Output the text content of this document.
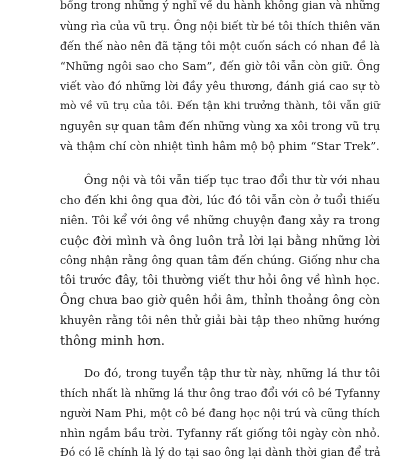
bống trong những ý nghĩ về du hành không gian và những

vùng rìa của vũ trụ. Ông nội biết từ bé tôi thích thiên văn

đến thế nào nên đã tặng tôi một cuốn sách có nhan đề là

“Những ngôi sao cho Sam”, đến giờ tôi vẫn còn giữ. Ông

viết vào đó những lời đầy yêu thương, đánh giá cao sự tò

mò về vũ trụ của tôi. Đến tận khi trưởng thành, tôi vẫn giữ

nguyên sự quan tâm đến những vùng xa xôi trong vũ trụ

và thậm chí còn nhiệt tình hâm mộ bộ phim “Star Trek”.

Ông nội và tôi vẫn tiếp tục trao đổi thư từ với nhau

cho đến khi ông qua đời, lúc đó tôi vẫn còn ở tuổi thiếu

niên. Tôi kể với ông về những chuyện đang xảy ra trong

cuộc đời mình và ông luôn trả lời lại bằng những lời

công nhận rằng ông quan tâm đến chúng. Giống như cha

tôi trước đây, tôi thường viết thư hỏi ông về hình học.

Ông chưa bao giờ quên hồi âm, thỉnh thoảng ông còn

khuyên rằng tôi nên thử giải bài tập theo những hướng

thông minh hơn.

Do đó, trong tuyển tập thư từ này, những lá thư tôi

thích nhất là những lá thư ông trao đổi với cô bé Tyfanny

người Nam Phi, một cô bé đang học nội trú và cũng thích

nhìn ngắm bầu trời. Tyfanny rất giống tôi ngày còn nhỏ.

Đó có lẽ chính là lý do tại sao ông lại dành thời gian để trả
